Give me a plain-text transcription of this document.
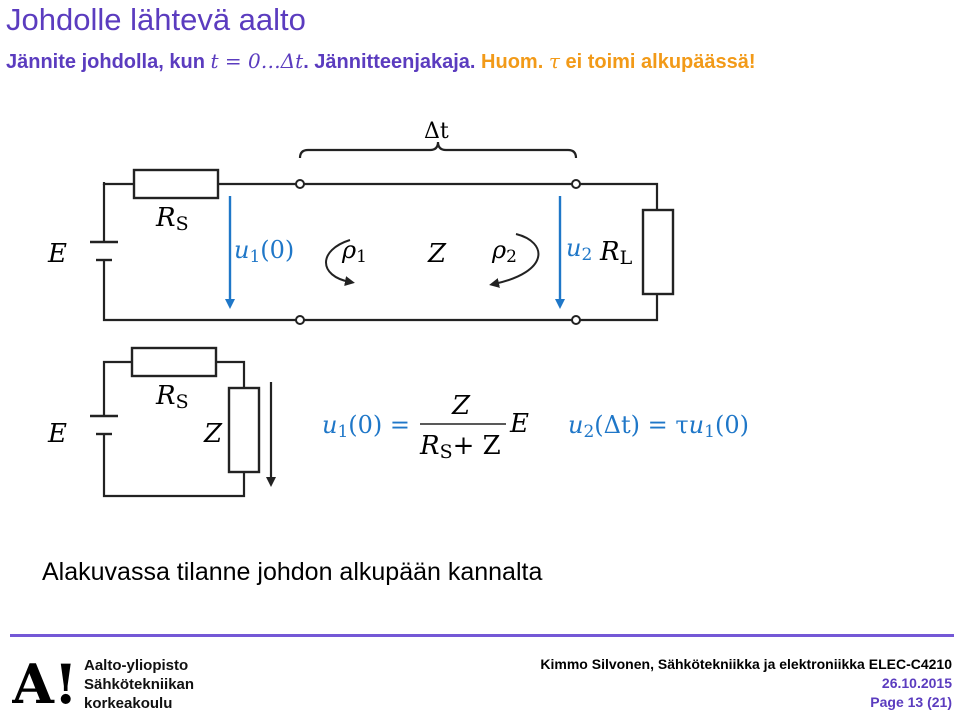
Johdolle lähtevä aalto
Jännite johdolla, kun t = 0…Δt. Jännitteenjakaja. Huom. τ ei toimi alkupäässä!
Δt
E
RS
u1(0) ρ1 Z ρ2 u2 RL
E
RS
Z	u1(0) =
Z
RS+ Z
E u2(Δt) = τu1(0)
Alakuvassa tilanne johdon alkupään kannalta
A! Aalto-yliopisto
Sähkötekniikan
korkeakoulu
Kimmo Silvonen, Sähkötekniikka ja elektroniikka ELEC-C4210
26.10.2015
Page 13 (21)
